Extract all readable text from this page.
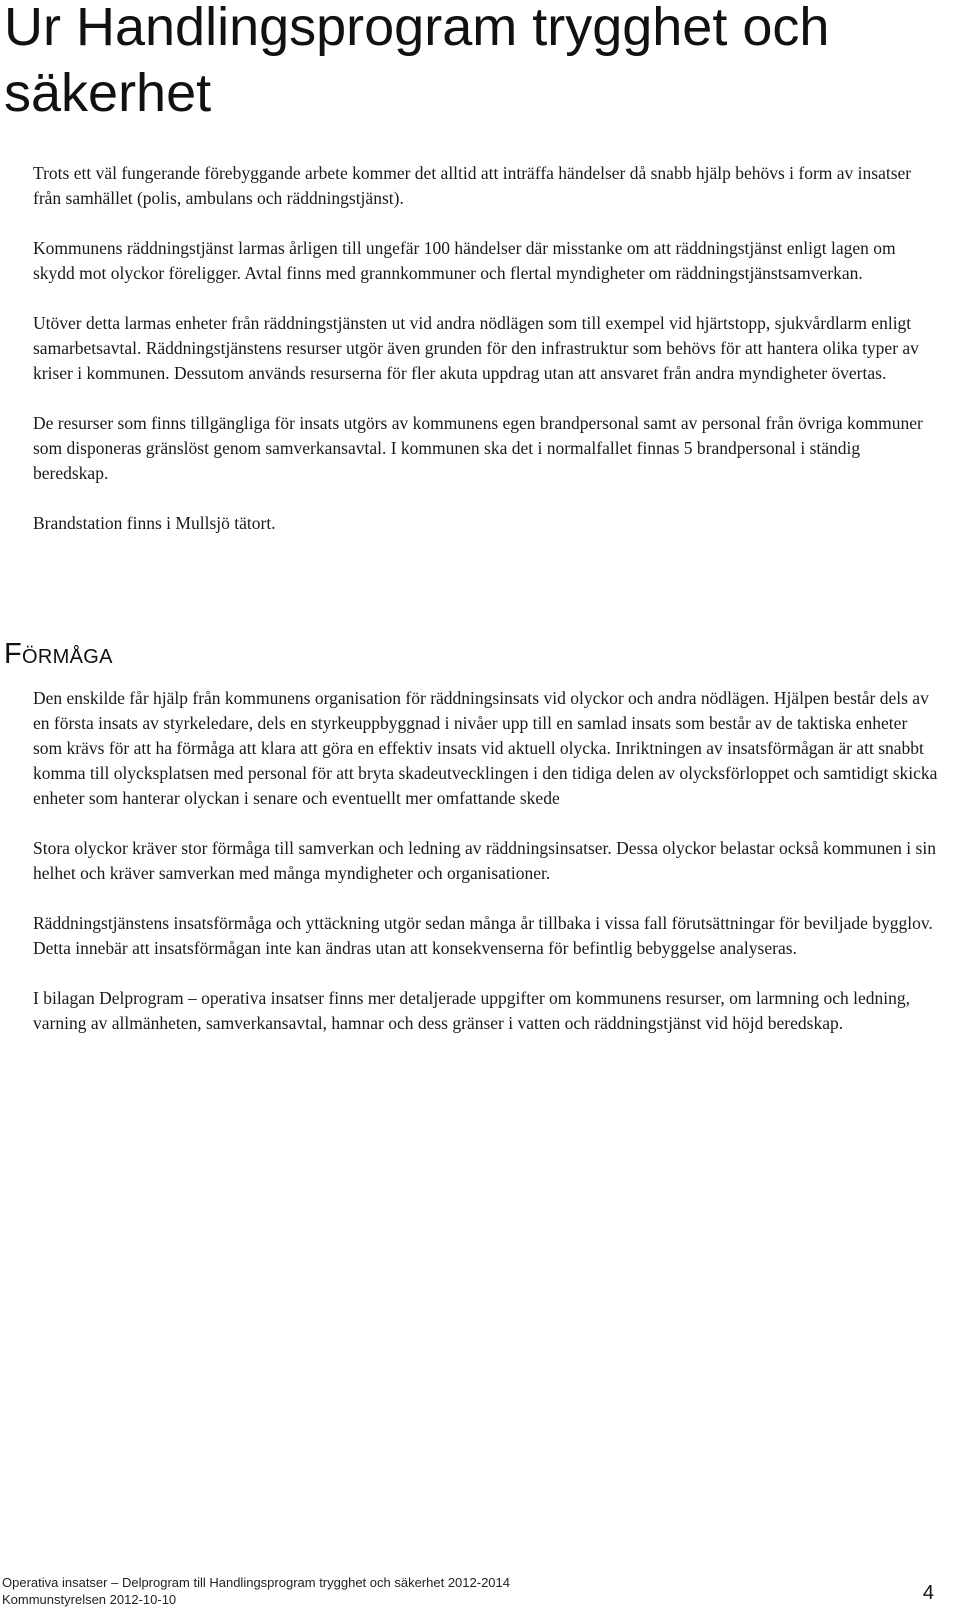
Ur Handlingsprogram trygghet och säkerhet

Trots ett väl fungerande förebyggande arbete kommer det alltid att inträffa händelser då snabb hjälp behövs i form av insatser från samhället (polis, ambulans och räddningstjänst).

Kommunens räddningstjänst larmas årligen till ungefär 100 händelser där misstanke om att räddningstjänst enligt lagen om skydd mot olyckor föreligger. Avtal finns med grannkommuner och flertal myndigheter om räddningstjänstsamverkan.

Utöver detta larmas enheter från räddningstjänsten ut vid andra nödlägen som till exempel vid hjärtstopp, sjukvårdlarm enligt samarbetsavtal. Räddningstjänstens resurser utgör även grunden för den infrastruktur som behövs för att hantera olika typer av kriser i kommunen. Dessutom används resurserna för fler akuta uppdrag utan att ansvaret från andra myndigheter övertas.

De resurser som finns tillgängliga för insats utgörs av kommunens egen brandpersonal samt av personal från övriga kommuner som disponeras gränslöst genom samverkansavtal. I kommunen ska det i normalfallet finnas 5 brandpersonal i ständig beredskap.

Brandstation finns i Mullsjö tätort.

Förmåga

Den enskilde får hjälp från kommunens organisation för räddningsinsats vid olyckor och andra nödlägen. Hjälpen består dels av en första insats av styrkeledare, dels en styrkeuppbyggnad i nivåer upp till en samlad insats som består av de taktiska enheter som krävs för att ha förmåga att klara att göra en effektiv insats vid aktuell olycka. Inriktningen av insatsförmågan är att snabbt komma till olycksplatsen med personal för att bryta skadeutvecklingen i den tidiga delen av olycksförloppet och samtidigt skicka enheter som hanterar olyckan i senare och eventuellt mer omfattande skede

Stora olyckor kräver stor förmåga till samverkan och ledning av räddningsinsatser. Dessa olyckor belastar också kommunen i sin helhet och kräver samverkan med många myndigheter och organisationer.

Räddningstjänstens insatsförmåga och yttäckning utgör sedan många år tillbaka i vissa fall förutsättningar för beviljade bygglov. Detta innebär att insatsförmågan inte kan ändras utan att konsekvenserna för befintlig bebyggelse analyseras.

I bilagan Delprogram – operativa insatser finns mer detaljerade uppgifter om kommunens resurser, om larmning och ledning, varning av allmänheten, samverkansavtal, hamnar och dess gränser i vatten och räddningstjänst vid höjd beredskap.

Operativa insatser – Delprogram till Handlingsprogram trygghet och säkerhet 2012-2014
Kommunstyrelsen 2012-10-10	4
